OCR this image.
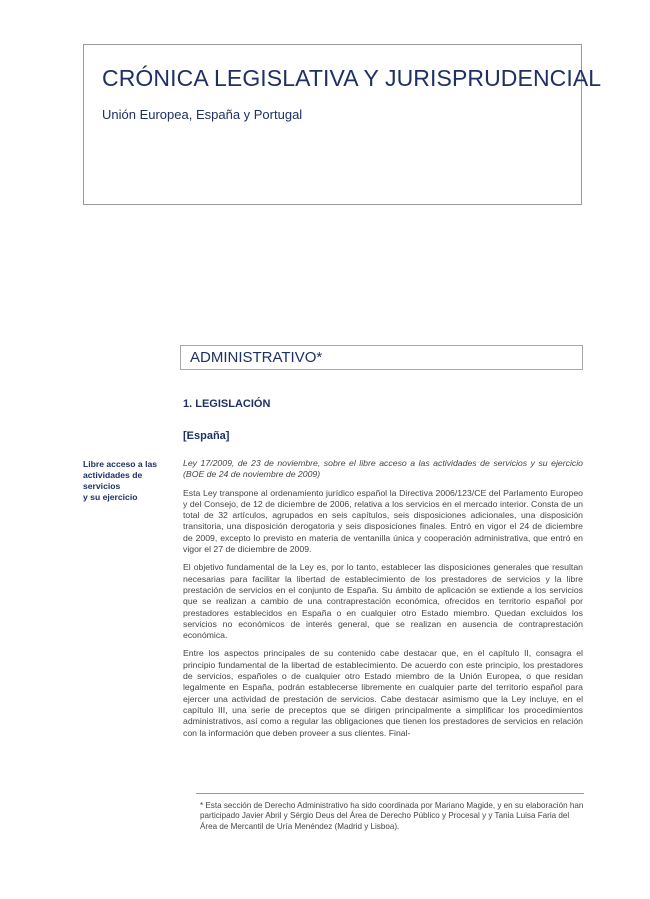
CRÓNICA LEGISLATIVA Y JURISPRUDENCIAL
Unión Europea, España y Portugal
ADMINISTRATIVO*
1. LEGISLACIÓN
[España]
Libre acceso a las
actividades de
servicios
y su ejercicio

Ley 17/2009, de 23 de noviembre, sobre el libre acceso a las actividades de servicios y su ejercicio (BOE de 24 de noviembre de 2009)

Esta Ley transpone al ordenamiento jurídico español la Directiva 2006/123/CE del Parlamento Europeo y del Consejo, de 12 de diciembre de 2006, relativa a los servicios en el mercado interior. Consta de un total de 32 artículos, agrupados en seis capítulos, seis disposiciones adicionales, una disposición transitoria, una disposición derogatoria y seis disposiciones finales. Entró en vigor el 24 de diciembre de 2009, excepto lo previsto en materia de ventanilla única y cooperación administrativa, que entró en vigor el 27 de diciembre de 2009.

El objetivo fundamental de la Ley es, por lo tanto, establecer las disposiciones generales que resultan necesarias para facilitar la libertad de establecimiento de los prestadores de servicios y la libre prestación de servicios en el conjunto de España. Su ámbito de aplicación se extiende a los servicios que se realizan a cambio de una contraprestación económica, ofrecidos en territorio español por prestadores establecidos en España o en cualquier otro Estado miembro. Quedan excluidos los servicios no económicos de interés general, que se realizan en ausencia de contraprestación económica.

Entre los aspectos principales de su contenido cabe destacar que, en el capítulo II, consagra el principio fundamental de la libertad de establecimiento. De acuerdo con este principio, los prestadores de servicios, españoles o de cualquier otro Estado miembro de la Unión Europea, o que residan legalmente en España, podrán establecerse libremente en cualquier parte del territorio español para ejercer una actividad de prestación de servicios. Cabe destacar asimismo que la Ley incluye, en el capítulo III, una serie de preceptos que se dirigen principalmente a simplificar los procedimientos administrativos, así como a regular las obligaciones que tienen los prestadores de servicios en relación con la información que deben proveer a sus clientes. Final-

* Esta sección de Derecho Administrativo ha sido coordinada por Mariano Magide, y en su elaboración han participado Javier Abril y Sérgio Deus del Área de Derecho Público y Procesal y y Tania Luisa Faria del Área de Mercantil de Uría Menéndez (Madrid y Lisboa).
